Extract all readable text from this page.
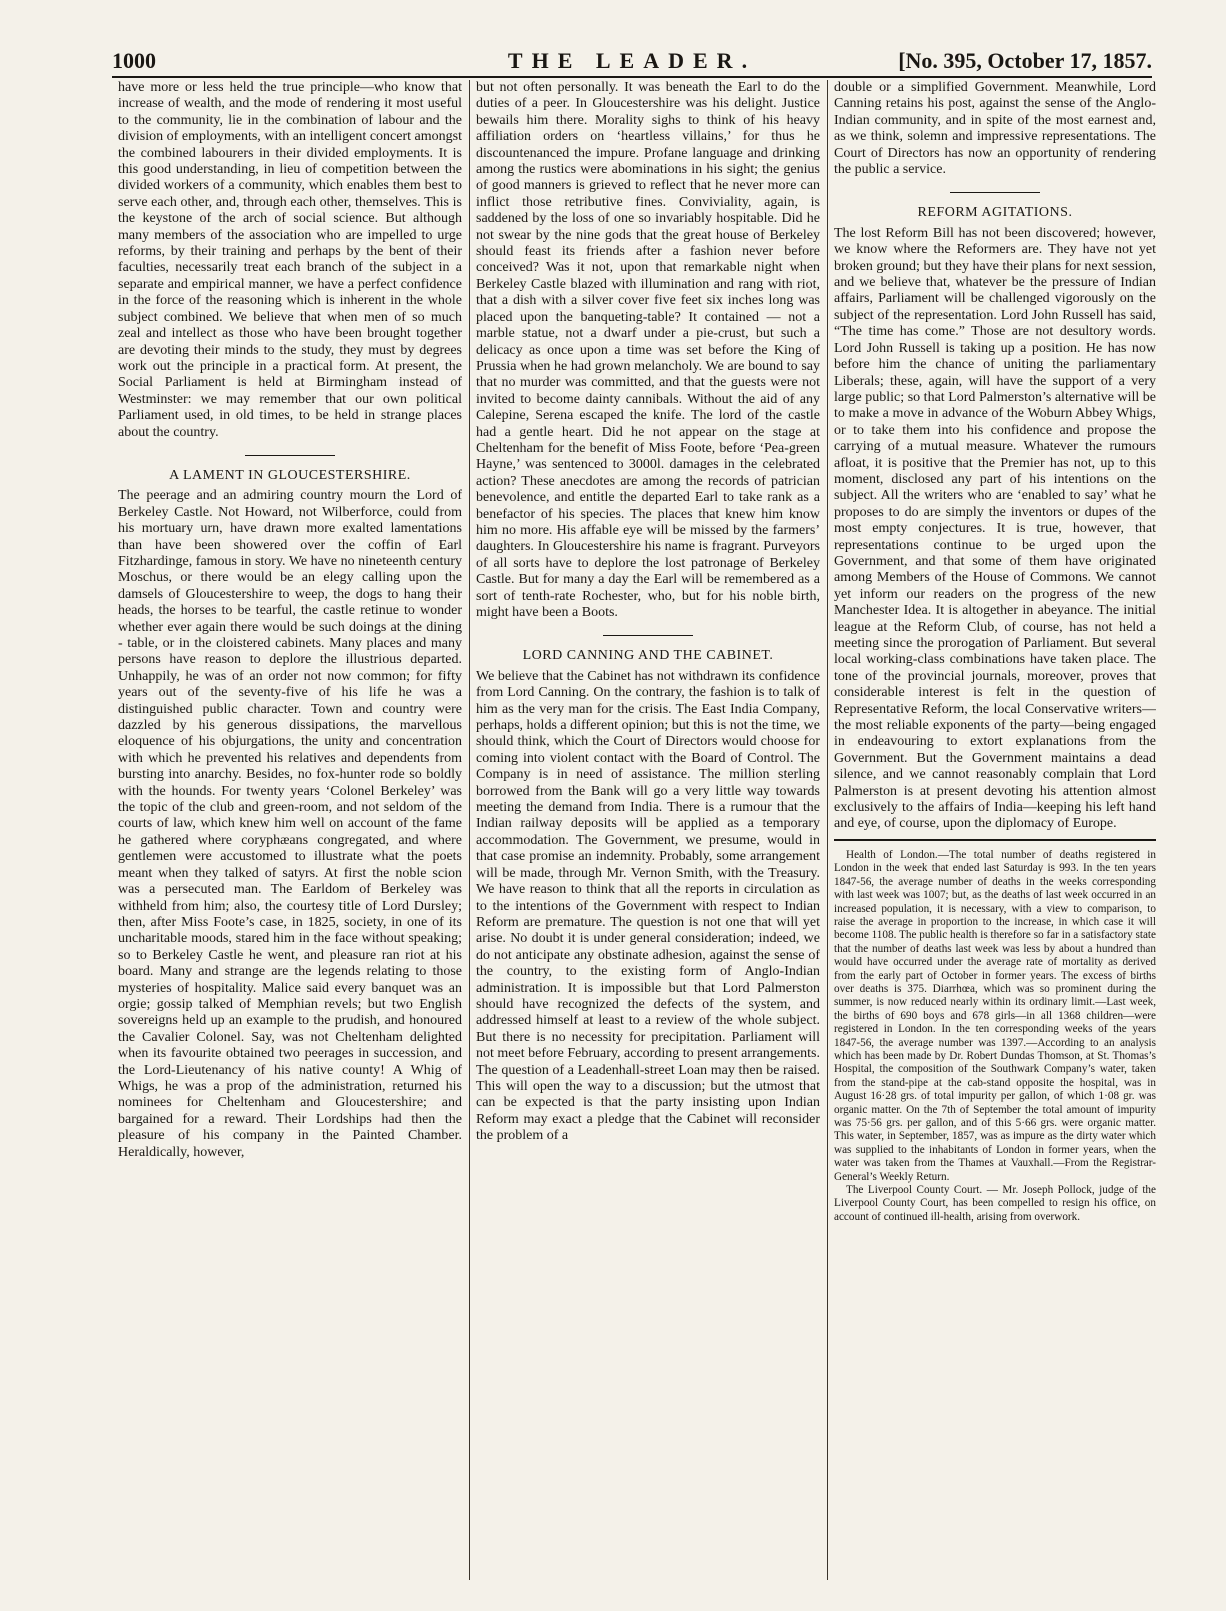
1000	THE LEADER.	[No. 395, October 17, 1857.

have more or less held the true principle—who know that increase of wealth, and the mode of rendering it most useful to the community, lie in the combination of labour and the division of employments, with an intelligent concert amongst the combined labourers in their divided employments. It is this good understanding, in lieu of competition between the divided workers of a community, which enables them best to serve each other, and, through each other, themselves. This is the keystone of the arch of social science. But although many members of the association who are impelled to urge reforms, by their training and perhaps by the bent of their faculties, necessarily treat each branch of the subject in a separate and empirical manner, we have a perfect confidence in the force of the reasoning which is inherent in the whole subject combined. We believe that when men of so much zeal and intellect as those who have been brought together are devoting their minds to the study, they must by degrees work out the principle in a practical form. At present, the Social Parliament is held at Birmingham instead of Westminster: we may remember that our own political Parliament used, in old times, to be held in strange places about the country.

A LAMENT IN GLOUCESTERSHIRE.

The peerage and an admiring country mourn the Lord of Berkeley Castle. Not Howard, not Wilberforce, could from his mortuary urn, have drawn more exalted lamentations than have been showered over the coffin of Earl Fitzhardinge, famous in story. We have no nineteenth century Moschus, or there would be an elegy calling upon the damsels of Gloucestershire to weep, the dogs to hang their heads, the horses to be tearful, the castle retinue to wonder whether ever again there would be such doings at the dining - table, or in the cloistered cabinets. Many places and many persons have reason to deplore the illustrious departed. Unhappily, he was of an order not now common; for fifty years out of the seventy-five of his life he was a distinguished public character. Town and country were dazzled by his generous dissipations, the marvellous eloquence of his objurgations, the unity and concentration with which he prevented his relatives and dependents from bursting into anarchy. Besides, no fox-hunter rode so boldly with the hounds. For twenty years ‘Colonel Berkeley’ was the topic of the club and green-room, and not seldom of the courts of law, which knew him well on account of the fame he gathered where coryphæans congregated, and where gentlemen were accustomed to illustrate what the poets meant when they talked of satyrs. At first the noble scion was a persecuted man. The Earldom of Berkeley was withheld from him; also, the courtesy title of Lord Dursley; then, after Miss Foote’s case, in 1825, society, in one of its uncharitable moods, stared him in the face without speaking; so to Berkeley Castle he went, and pleasure ran riot at his board. Many and strange are the legends relating to those mysteries of hospitality. Malice said every banquet was an orgie; gossip talked of Memphian revels; but two English sovereigns held up an example to the prudish, and honoured the Cavalier Colonel. Say, was not Cheltenham delighted when its favourite obtained two peerages in succession, and the Lord-Lieutenancy of his native county! A Whig of Whigs, he was a prop of the administration, returned his nominees for Cheltenham and Gloucestershire; and bargained for a reward. Their Lordships had then the pleasure of his company in the Painted Chamber. Heraldically, however,

but not often personally. It was beneath the Earl to do the duties of a peer. In Gloucestershire was his delight. Justice bewails him there. Morality sighs to think of his heavy affiliation orders on ‘heartless villains,’ for thus he discountenanced the impure. Profane language and drinking among the rustics were abominations in his sight; the genius of good manners is grieved to reflect that he never more can inflict those retributive fines. Conviviality, again, is saddened by the loss of one so invariably hospitable. Did he not swear by the nine gods that the great house of Berkeley should feast its friends after a fashion never before conceived? Was it not, upon that remarkable night when Berkeley Castle blazed with illumination and rang with riot, that a dish with a silver cover five feet six inches long was placed upon the banqueting-table? It contained — not a marble statue, not a dwarf under a pie-crust, but such a delicacy as once upon a time was set before the King of Prussia when he had grown melancholy. We are bound to say that no murder was committed, and that the guests were not invited to become dainty cannibals. Without the aid of any Calepine, Serena escaped the knife. The lord of the castle had a gentle heart. Did he not appear on the stage at Cheltenham for the benefit of Miss Foote, before ‘Pea-green Hayne,’ was sentenced to 3000l. damages in the celebrated action? These anecdotes are among the records of patrician benevolence, and entitle the departed Earl to take rank as a benefactor of his species. The places that knew him know him no more. His affable eye will be missed by the farmers’ daughters. In Gloucestershire his name is fragrant. Purveyors of all sorts have to deplore the lost patronage of Berkeley Castle. But for many a day the Earl will be remembered as a sort of tenth-rate Rochester, who, but for his noble birth, might have been a Boots.

LORD CANNING AND THE CABINET.

We believe that the Cabinet has not withdrawn its confidence from Lord Canning. On the contrary, the fashion is to talk of him as the very man for the crisis. The East India Company, perhaps, holds a different opinion; but this is not the time, we should think, which the Court of Directors would choose for coming into violent contact with the Board of Control. The Company is in need of assistance. The million sterling borrowed from the Bank will go a very little way towards meeting the demand from India. There is a rumour that the Indian railway deposits will be applied as a temporary accommodation. The Government, we presume, would in that case promise an indemnity. Probably, some arrangement will be made, through Mr. Vernon Smith, with the Treasury. We have reason to think that all the reports in circulation as to the intentions of the Government with respect to Indian Reform are premature. The question is not one that will yet arise. No doubt it is under general consideration; indeed, we do not anticipate any obstinate adhesion, against the sense of the country, to the existing form of Anglo-Indian administration. It is impossible but that Lord Palmerston should have recognized the defects of the system, and addressed himself at least to a review of the whole subject. But there is no necessity for precipitation. Parliament will not meet before February, according to present arrangements. The question of a Leadenhall-street Loan may then be raised. This will open the way to a discussion; but the utmost that can be expected is that the party insisting upon Indian Reform may exact a pledge that the Cabinet will reconsider the problem of a

double or a simplified Government. Meanwhile, Lord Canning retains his post, against the sense of the Anglo-Indian community, and in spite of the most earnest and, as we think, solemn and impressive representations. The Court of Directors has now an opportunity of rendering the public a service.

REFORM AGITATIONS.

The lost Reform Bill has not been discovered; however, we know where the Reformers are. They have not yet broken ground; but they have their plans for next session, and we believe that, whatever be the pressure of Indian affairs, Parliament will be challenged vigorously on the subject of the representation. Lord John Russell has said, “The time has come.” Those are not desultory words. Lord John Russell is taking up a position. He has now before him the chance of uniting the parliamentary Liberals; these, again, will have the support of a very large public; so that Lord Palmerston’s alternative will be to make a move in advance of the Woburn Abbey Whigs, or to take them into his confidence and propose the carrying of a mutual measure. Whatever the rumours afloat, it is positive that the Premier has not, up to this moment, disclosed any part of his intentions on the subject. All the writers who are ‘enabled to say’ what he proposes to do are simply the inventors or dupes of the most empty conjectures. It is true, however, that representations continue to be urged upon the Government, and that some of them have originated among Members of the House of Commons. We cannot yet inform our readers on the progress of the new Manchester Idea. It is altogether in abeyance. The initial league at the Reform Club, of course, has not held a meeting since the prorogation of Parliament. But several local working-class combinations have taken place. The tone of the provincial journals, moreover, proves that considerable interest is felt in the question of Representative Reform, the local Conservative writers—the most reliable exponents of the party—being engaged in endeavouring to extort explanations from the Government. But the Government maintains a dead silence, and we cannot reasonably complain that Lord Palmerston is at present devoting his attention almost exclusively to the affairs of India—keeping his left hand and eye, of course, upon the diplomacy of Europe.

Health of London.—The total number of deaths registered in London in the week that ended last Saturday is 993. In the ten years 1847-56, the average number of deaths in the weeks corresponding with last week was 1007; but, as the deaths of last week occurred in an increased population, it is necessary, with a view to comparison, to raise the average in proportion to the increase, in which case it will become 1108. The public health is therefore so far in a satisfactory state that the number of deaths last week was less by about a hundred than would have occurred under the average rate of mortality as derived from the early part of October in former years. The excess of births over deaths is 375. Diarrhœa, which was so prominent during the summer, is now reduced nearly within its ordinary limit.—Last week, the births of 690 boys and 678 girls—in all 1368 children—were registered in London. In the ten corresponding weeks of the years 1847-56, the average number was 1397.—According to an analysis which has been made by Dr. Robert Dundas Thomson, at St. Thomas’s Hospital, the composition of the Southwark Company’s water, taken from the stand-pipe at the cab-stand opposite the hospital, was in August 16·28 grs. of total impurity per gallon, of which 1·08 gr. was organic matter. On the 7th of September the total amount of impurity was 75·56 grs. per gallon, and of this 5·66 grs. were organic matter. This water, in September, 1857, was as impure as the dirty water which was supplied to the inhabitants of London in former years, when the water was taken from the Thames at Vauxhall.—From the Registrar-General’s Weekly Return.

The Liverpool County Court. — Mr. Joseph Pollock, judge of the Liverpool County Court, has been compelled to resign his office, on account of continued ill-health, arising from overwork.
